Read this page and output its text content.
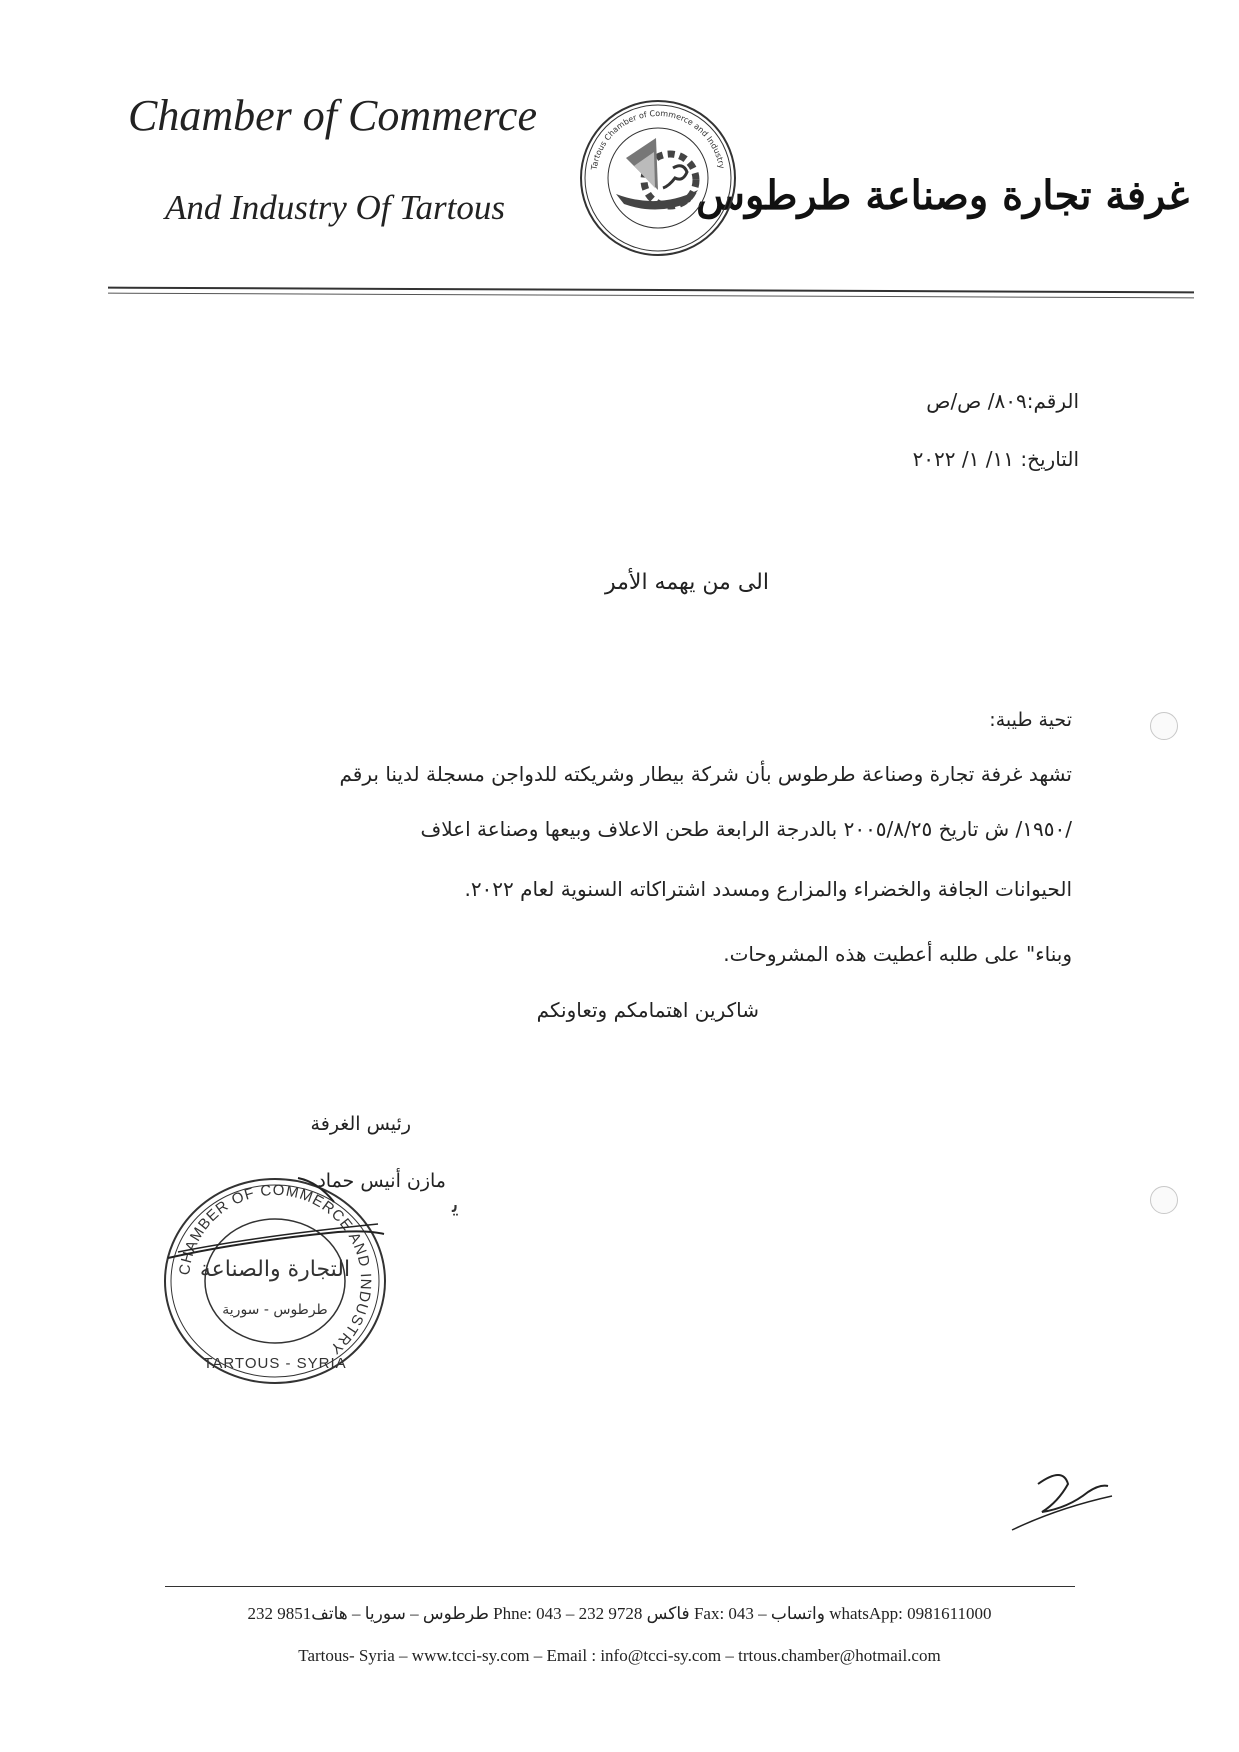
Chamber of Commerce
And Industry Of Tartous	غرفة تجارة وصناعة طرطوس
Tartous Chamber of Commerce and Industry
الرقم:٨٠٩/ ص/ص
التاريخ: ١١/ ١/ ٢٠٢٢
الى من يهمه الأمر
تحية طيبة:
تشهد غرفة تجارة وصناعة طرطوس بأن شركة بيطار وشريكته للدواجن مسجلة لدينا برقم
/١٩٥٠/ ش تاريخ ٢٠٠٥/٨/٢٥ بالدرجة الرابعة طحن الاعلاف وبيعها وصناعة اعلاف
الحيوانات الجافة والخضراء والمزارع ومسدد اشتراكاته السنوية لعام ٢٠٢٢.
وبناء" على طلبه أعطيت هذه المشروحات.
شاكرين اهتمامكم وتعاونكم
رئيس الغرفة
مازن أنيس حماد
ﯾ
CHAMBER OF COMMERCE AND INDUSTRY
TARTOUS - SYRIA
التجارة والصناعة
طرطوس - سورية
طرطوس – سوريا – هاتف9851 232 Phne: 043 – فاكس 9728 232 Fax: 043 – واتساب whatsApp: 0981611000
Tartous- Syria – www.tcci-sy.com – Email : info@tcci-sy.com – trtous.chamber@hotmail.com
